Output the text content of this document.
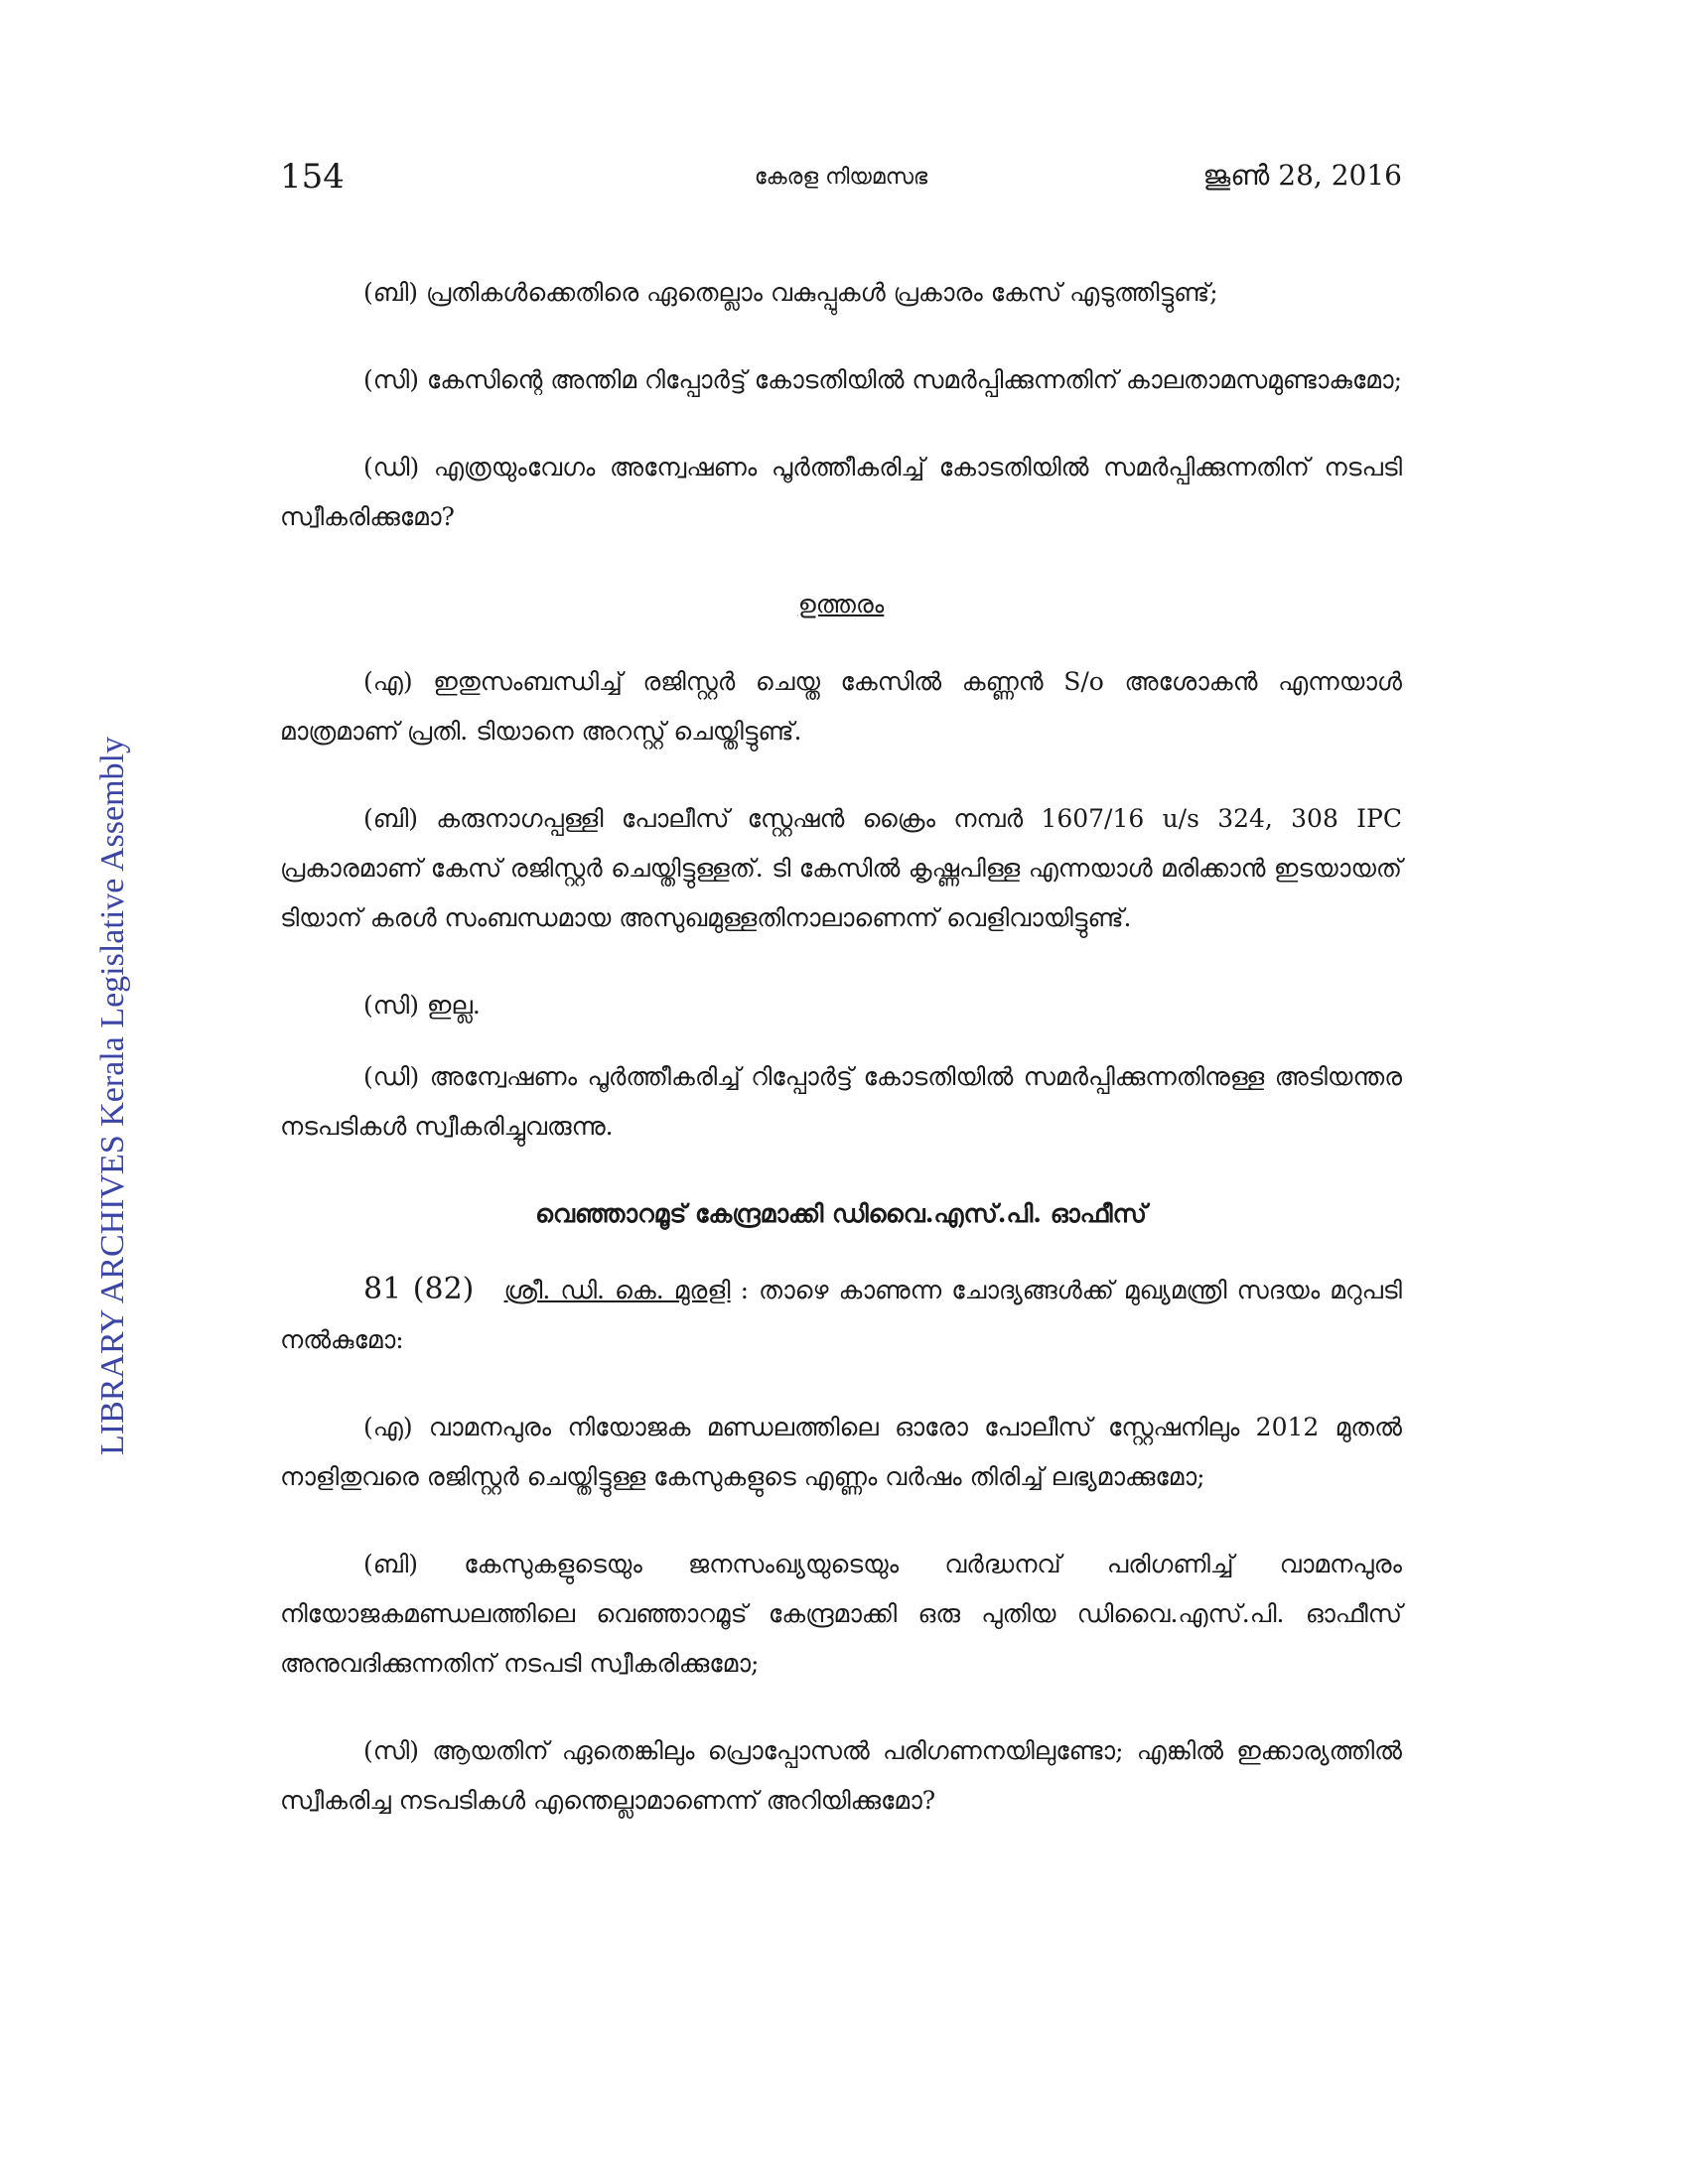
154	കേരള നിയമസഭ	ജൂൺ 28, 2016
LIBRARY ARCHIVES Kerala Legislative Assembly

(ബി) പ്രതികൾക്കെതിരെ ഏതെല്ലാം വകുപ്പുകൾ പ്രകാരം കേസ് എടുത്തിട്ടുണ്ട്;

(സി) കേസിന്റെ അന്തിമ റിപ്പോർട്ട് കോടതിയിൽ സമർപ്പിക്കുന്നതിന് കാലതാമസമുണ്ടാകുമോ;

(ഡി) എത്രയുംവേഗം അന്വേഷണം പൂർത്തീകരിച്ച് കോടതിയിൽ സമർപ്പിക്കുന്നതിന് നടപടി സ്വീകരിക്കുമോ?

ഉത്തരം

(എ) ഇതുസംബന്ധിച്ച് രജിസ്റ്റർ ചെയ്ത കേസിൽ കണ്ണൻ S/o അശോകൻ എന്നയാൾ മാത്രമാണ് പ്രതി. ടിയാനെ അറസ്റ്റ് ചെയ്തിട്ടുണ്ട്.

(ബി) കരുനാഗപ്പള്ളി പോലീസ് സ്റ്റേഷൻ ക്രൈം നമ്പർ 1607/16 u/s 324, 308 IPC പ്രകാരമാണ് കേസ് രജിസ്റ്റർ ചെയ്തിട്ടുള്ളത്. ടി കേസിൽ കൃഷ്ണപിള്ള എന്നയാൾ മരിക്കാൻ ഇടയായത് ടിയാന് കരൾ സംബന്ധമായ അസുഖമുള്ളതിനാലാണെന്ന് വെളിവായിട്ടുണ്ട്.

(സി) ഇല്ല.

(ഡി) അന്വേഷണം പൂർത്തീകരിച്ച് റിപ്പോർട്ട് കോടതിയിൽ സമർപ്പിക്കുന്നതിനുള്ള അടിയന്തര നടപടികൾ സ്വീകരിച്ചുവരുന്നു.

വെഞ്ഞാറമൂട് കേന്ദ്രമാക്കി ഡിവൈ.എസ്.പി. ഓഫീസ്

81 (82) ശ്രീ. ഡി. കെ. മുരളി : താഴെ കാണുന്ന ചോദ്യങ്ങൾക്ക് മുഖ്യമന്ത്രി സദയം മറുപടി നൽകുമോ:

(എ) വാമനപുരം നിയോജക മണ്ഡലത്തിലെ ഓരോ പോലീസ് സ്റ്റേഷനിലും 2012 മുതൽ നാളിതുവരെ രജിസ്റ്റർ ചെയ്തിട്ടുള്ള കേസുകളുടെ എണ്ണം വർഷം തിരിച്ച് ലഭ്യമാക്കുമോ;

(ബി) കേസുകളുടെയും ജനസംഖ്യയുടെയും വർദ്ധനവ് പരിഗണിച്ച് വാമനപുരം നിയോജകമണ്ഡലത്തിലെ വെഞ്ഞാറമൂട് കേന്ദ്രമാക്കി ഒരു പുതിയ ഡിവൈ.എസ്.പി. ഓഫീസ് അനുവദിക്കുന്നതിന് നടപടി സ്വീകരിക്കുമോ;

(സി) ആയതിന് ഏതെങ്കിലും പ്രൊപ്പോസൽ പരിഗണനയിലുണ്ടോ; എങ്കിൽ ഇക്കാര്യത്തിൽ സ്വീകരിച്ച നടപടികൾ എന്തെല്ലാമാണെന്ന് അറിയിക്കുമോ?
